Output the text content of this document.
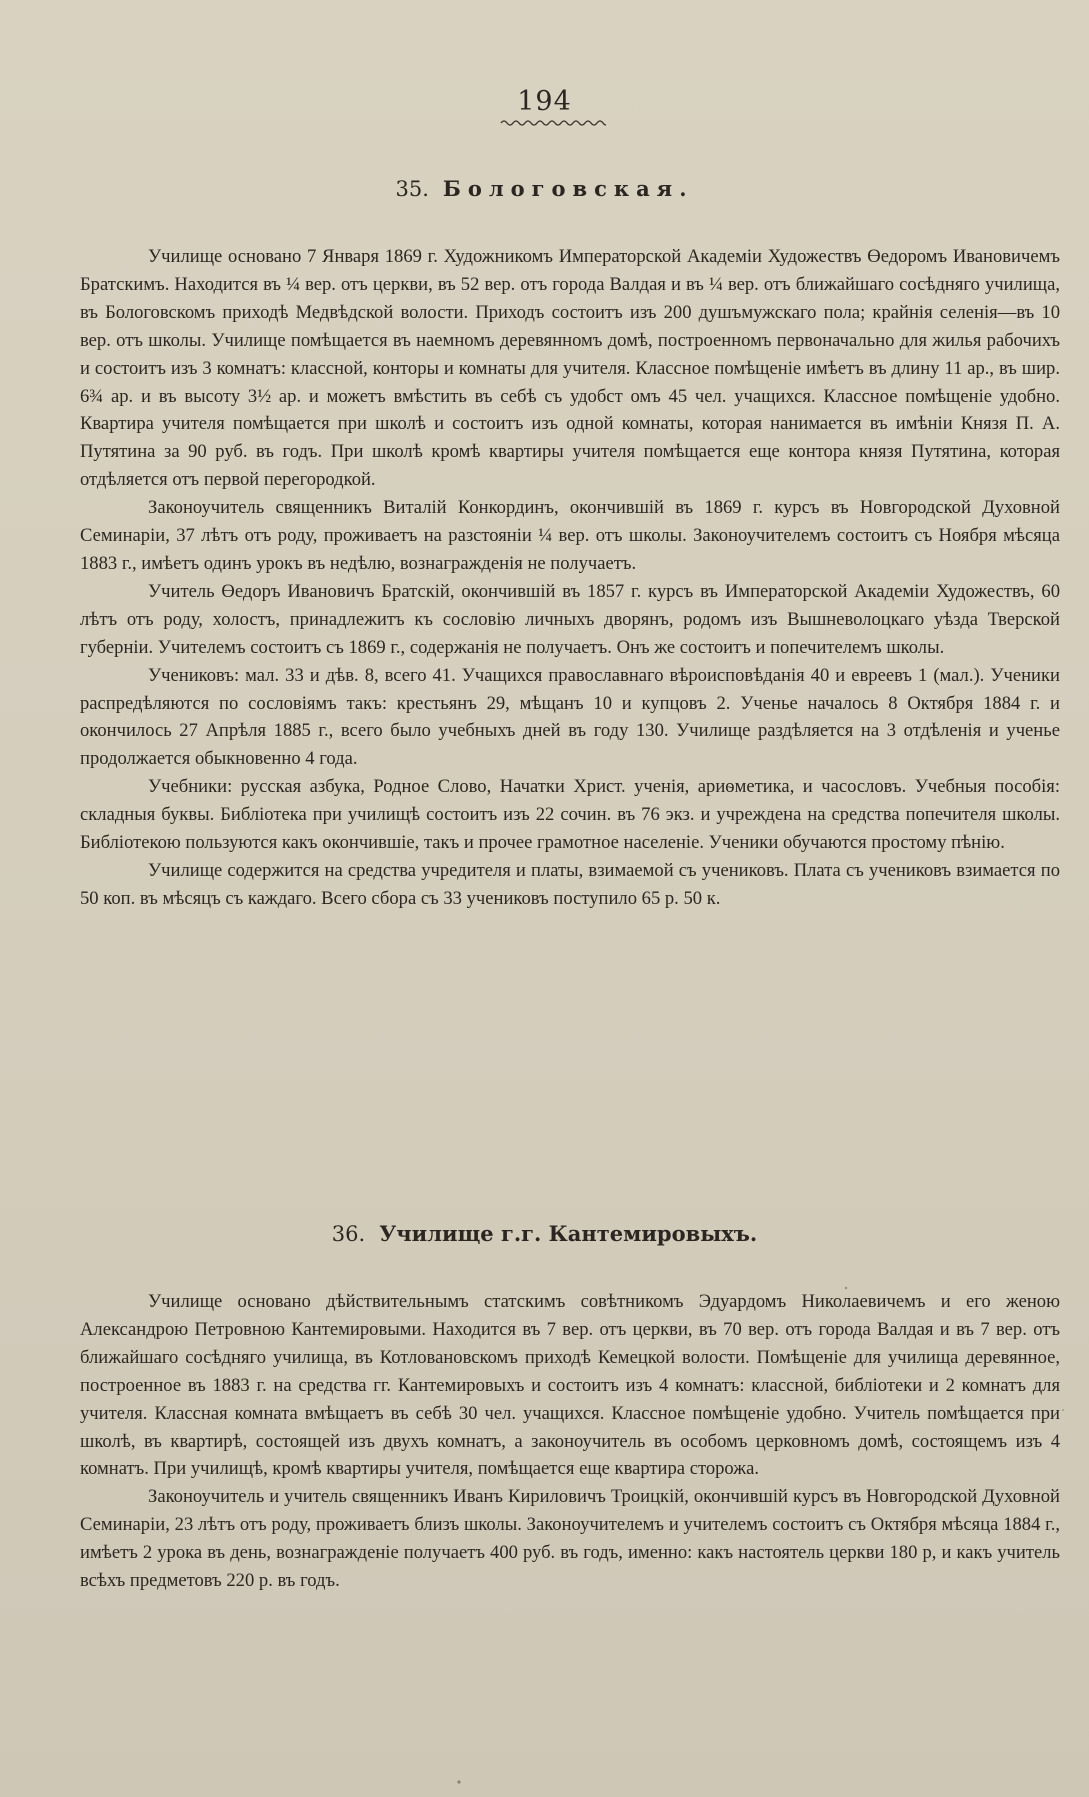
194
35. Бологовская.

Училище основано 7 Января 1869 г. Художникомъ Императорской Академіи Художествъ Өедоромъ Ивановичемъ Братскимъ. Находится въ ¼ вер. отъ церкви, въ 52 вер. отъ города Валдая и въ ¼ вер. отъ ближайшаго сосѣдняго училища, въ Бологовскомъ приходѣ Медвѣдской волости. Приходъ состоитъ изъ 200 душъмужскаго пола; крайнія селенія—въ 10 вер. отъ школы. Училище помѣщается въ наемномъ деревянномъ домѣ, построенномъ первоначально для жилья рабочихъ и состоитъ изъ 3 комнатъ: классной, конторы и комнаты для учителя. Классное помѣщеніе имѣетъ въ длину 11 ар., въ шир. 6¾ ар. и въ высоту 3½ ар. и можетъ вмѣстить въ себѣ съ удобст омъ 45 чел. учащихся. Класcное помѣщеніе удобно. Квартира учителя помѣщается при школѣ и состоитъ изъ одной комнаты, которая нанимается въ имѣніи Князя П. А. Путятина за 90 руб. въ годъ. При школѣ кромѣ квартиры учителя помѣщается еще контора князя Путятина, которая отдѣляется отъ первой перегородкой.

Законоучитель священникъ Виталій Конкординъ, окончившій въ 1869 г. курсъ въ Новгородской Духовной Семинаріи, 37 лѣтъ отъ роду, проживаетъ на разстояніи ¼ вер. отъ школы. Законоучителемъ состоитъ съ Ноября мѣсяца 1883 г., имѣетъ одинъ урокъ въ недѣлю, вознагражденія не получаетъ.

Учитель Өедоръ Ивановичъ Братскій, окончившій въ 1857 г. курсъ въ Императорской Академіи Художествъ, 60 лѣтъ отъ роду, холостъ, принадлежитъ къ сословію личныхъ дворянъ, родомъ изъ Вышневолоцкаго уѣзда Тверской губерніи. Учителемъ состоитъ съ 1869 г., содержанія не получаетъ. Онъ же состоитъ и попечителемъ школы.

Учениковъ: мал. 33 и дѣв. 8, всего 41. Учащихся православнаго вѣроисповѣданія 40 и евреевъ 1 (мал.). Ученики распредѣляются по сословіямъ такъ: крестьянъ 29, мѣщанъ 10 и купцовъ 2. Ученье началось 8 Октября 1884 г. и окончилось 27 Апрѣля 1885 г., всего было учебныхъ дней въ году 130. Училище раздѣляется на 3 отдѣленія и ученье продолжается обыкновенно 4 года.

Учебники: русская азбука, Родное Слово, Начатки Христ. ученія, ариѳметика, и часословъ. Учебныя пособія: складныя буквы. Библіотека при училищѣ состоитъ изъ 22 сочин. въ 76 экз. и учреждена на средства попечителя школы. Библіотекою пользуются какъ окончившіе, такъ и прочее грамотное населеніе. Ученики обучаются простому пѣнію.

Училище содержится на средства учредителя и платы, взимаемой съ учениковъ. Плата съ учениковъ взимается по 50 коп. въ мѣсяцъ съ каждаго. Всего сбора съ 33 учениковъ поступило 65 р. 50 к.

36. Училище г.г. Кантемировыхъ.

Училище основано дѣйствительнымъ статскимъ совѣтникомъ Эдуардомъ Николаевичемъ и его женою Александрою Петровною Кантемировыми. Находится въ 7 вер. отъ церкви, въ 70 вер. отъ города Валдая и въ 7 вер. отъ ближайшаго сосѣдняго училища, въ Котловановскомъ приходѣ Кемецкой волости. Помѣщеніе для училища деревянное, построенное въ 1883 г. на средства гг. Кантемировыхъ и состоитъ изъ 4 комнатъ: классной, библіотеки и 2 комнатъ для учителя. Классная комната вмѣщаетъ въ себѣ 30 чел. учащихся. Классное помѣщеніе удобно. Учитель помѣщается при школѣ, въ квартирѣ, состоящей изъ двухъ комнатъ, а законоучитель въ особомъ церковномъ домѣ, состоящемъ изъ 4 комнатъ. При училищѣ, кромѣ квартиры учителя, помѣщается еще квартира сторожа.

Законоучитель и учитель священникъ Иванъ Кириловичъ Троицкій, окончившій курсъ въ Новгородской Духовной Семинаріи, 23 лѣтъ отъ роду, проживаетъ близъ школы. Законоучителемъ и учителемъ состоитъ съ Октября мѣсяца 1884 г., имѣетъ 2 урока въ день, вознагражденіе получаетъ 400 руб. въ годъ, именно: какъ настоятель церкви 180 р, и какъ учитель всѣхъ предметовъ 220 р. въ годъ.
